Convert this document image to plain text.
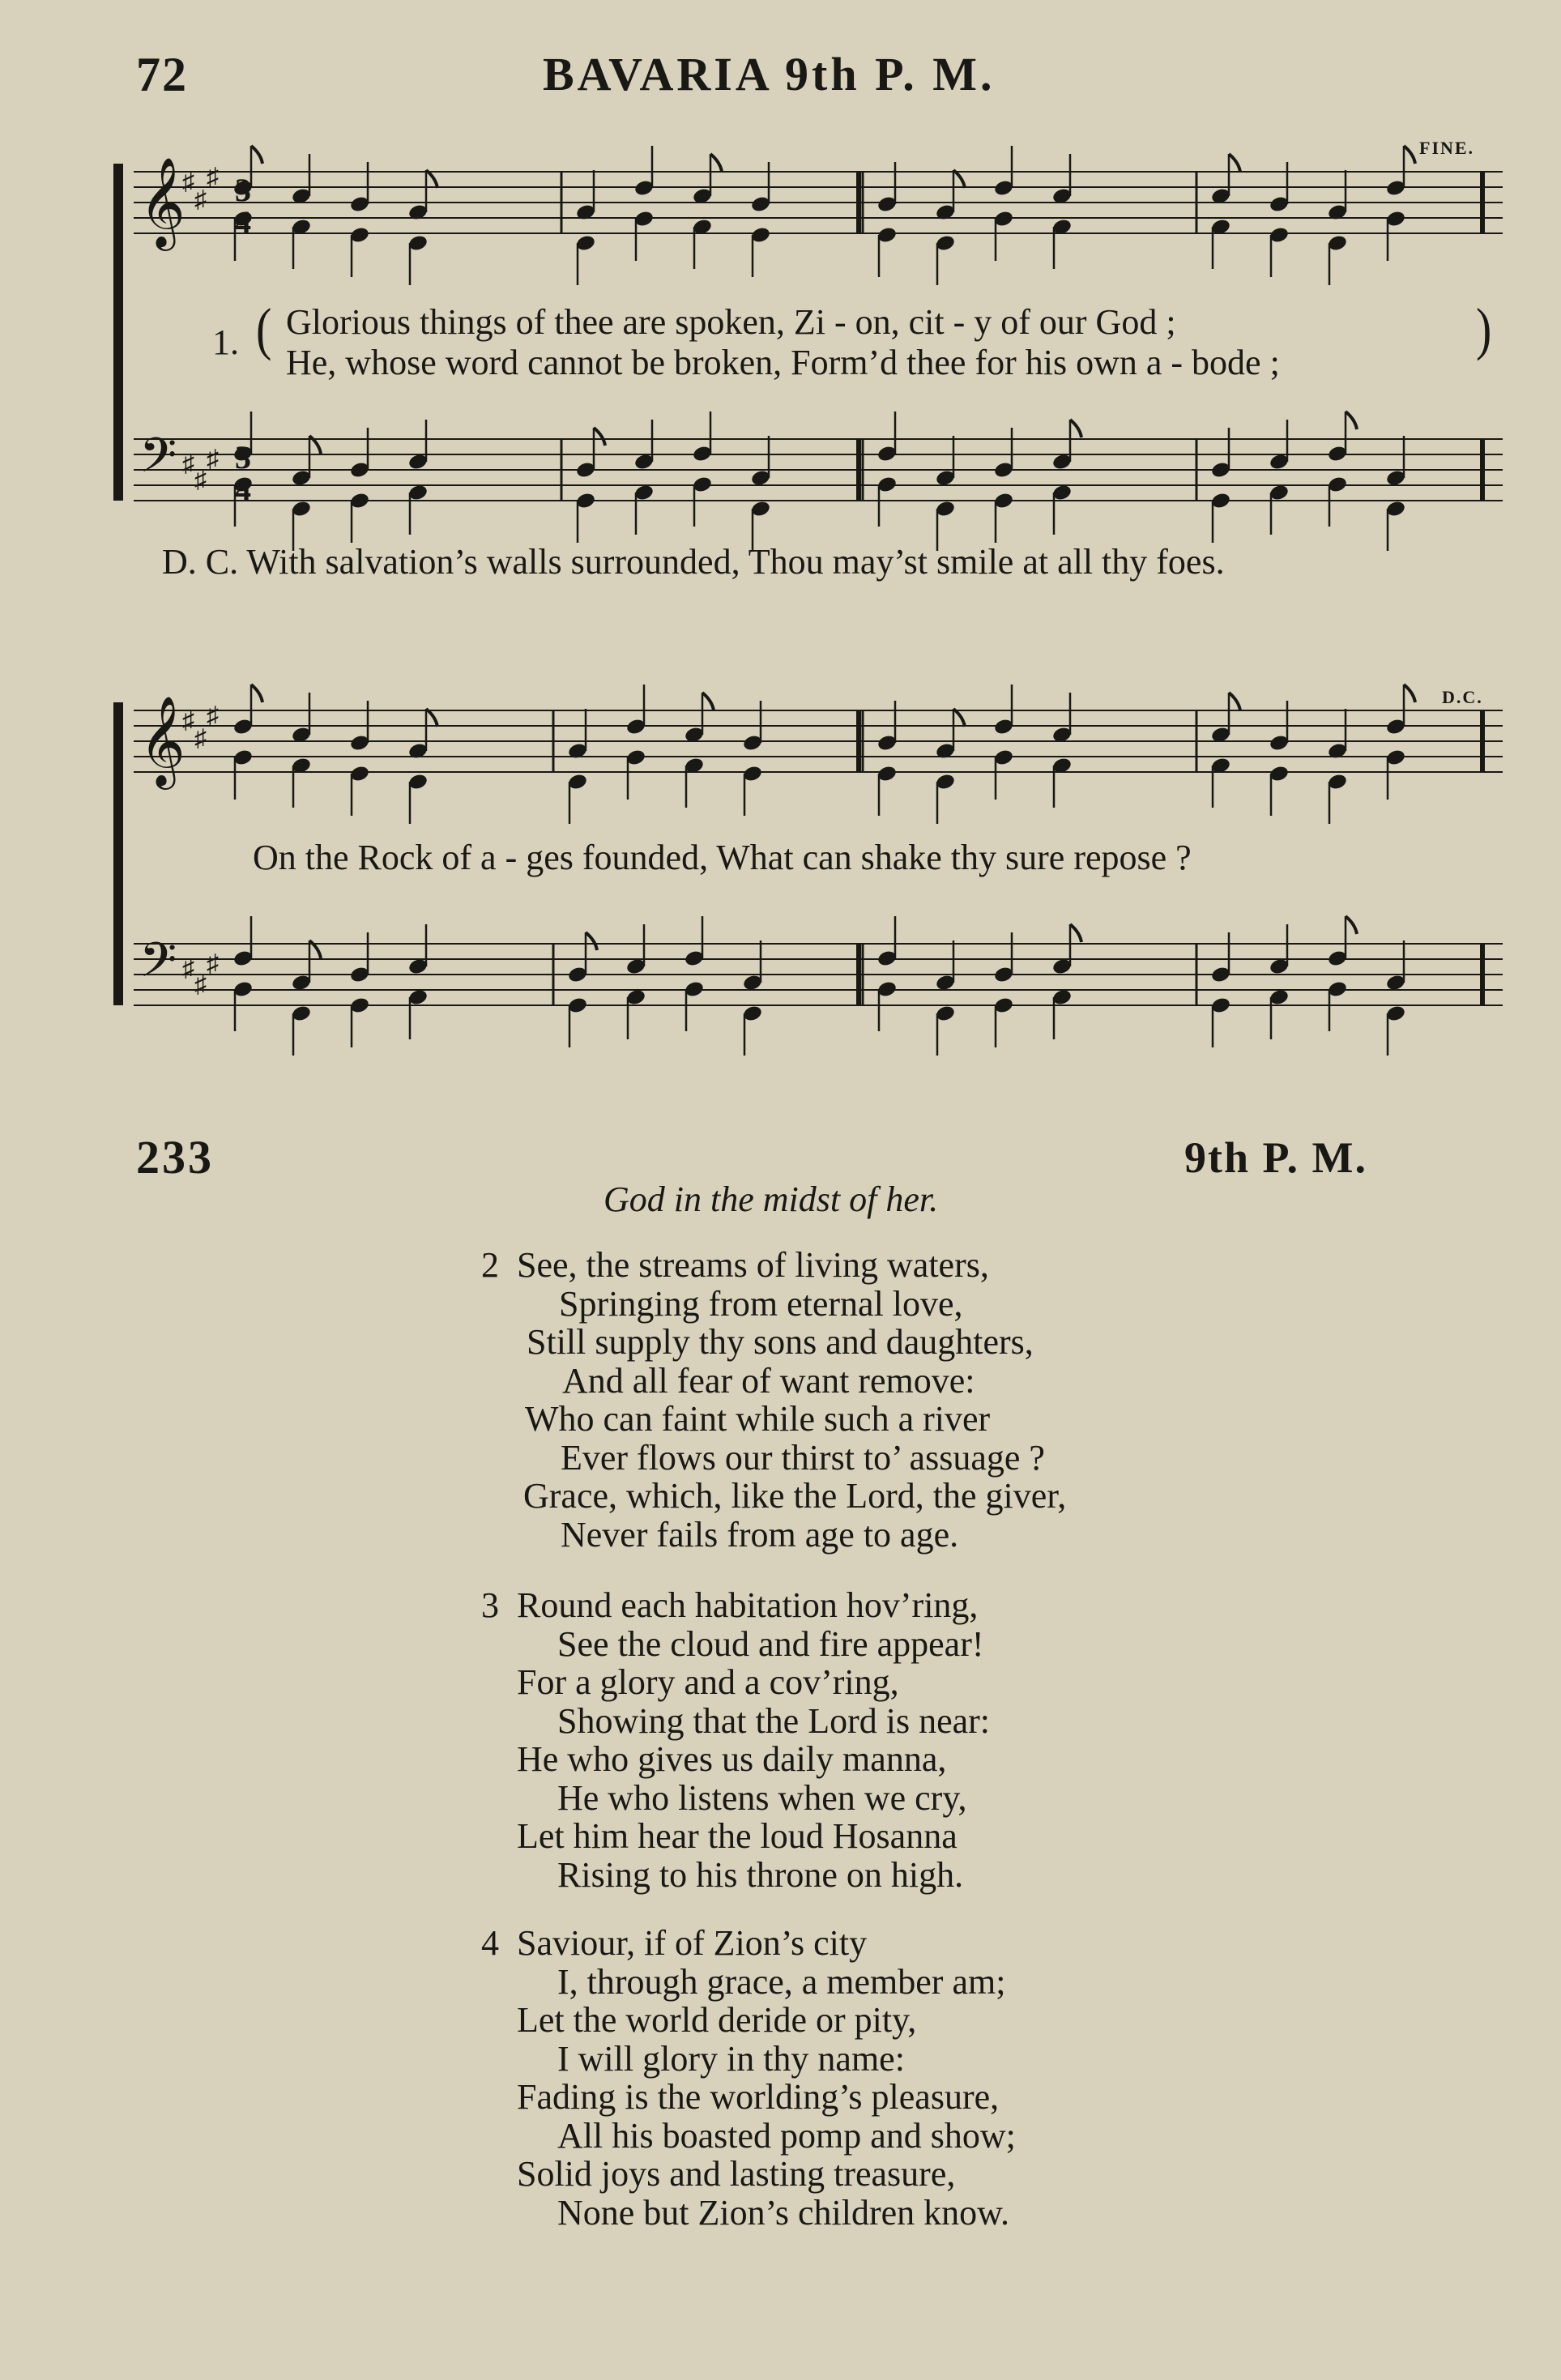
72	BAVARIA 9th P. M.
𝄞
𝄢
♯
♯
♯
♯
♯
♯
𝄞
𝄢
♯
♯
♯
♯
♯
♯
3
4
3
4
FINE.
D.C.
1. ( Glorious things of thee are spoken, Zi - on, cit - y of our God ;
He, whose word cannot be broken, Form’d thee for his own a - bode ;
)
D. C. With salvation’s walls surrounded, Thou may’st smile at all thy foes.
On the Rock of a - ges founded, What can shake thy sure repose ?
233	9th P. M.
God in the midst of her.
2 See, the streams of living waters,
Springing from eternal love,
Still supply thy sons and daughters,
And all fear of want remove:
Who can faint while such a river
Ever flows our thirst to’ assuage ?
Grace, which, like the Lord, the giver,
Never fails from age to age.
3 Round each habitation hov’ring,
See the cloud and fire appear!
For a glory and a cov’ring,
Showing that the Lord is near:
He who gives us daily manna,
He who listens when we cry,
Let him hear the loud Hosanna
Rising to his throne on high.
4 Saviour, if of Zion’s city
I, through grace, a member am;
Let the world deride or pity,
I will glory in thy name:
Fading is the worlding’s pleasure,
All his boasted pomp and show;
Solid joys and lasting treasure,
None but Zion’s children know.
